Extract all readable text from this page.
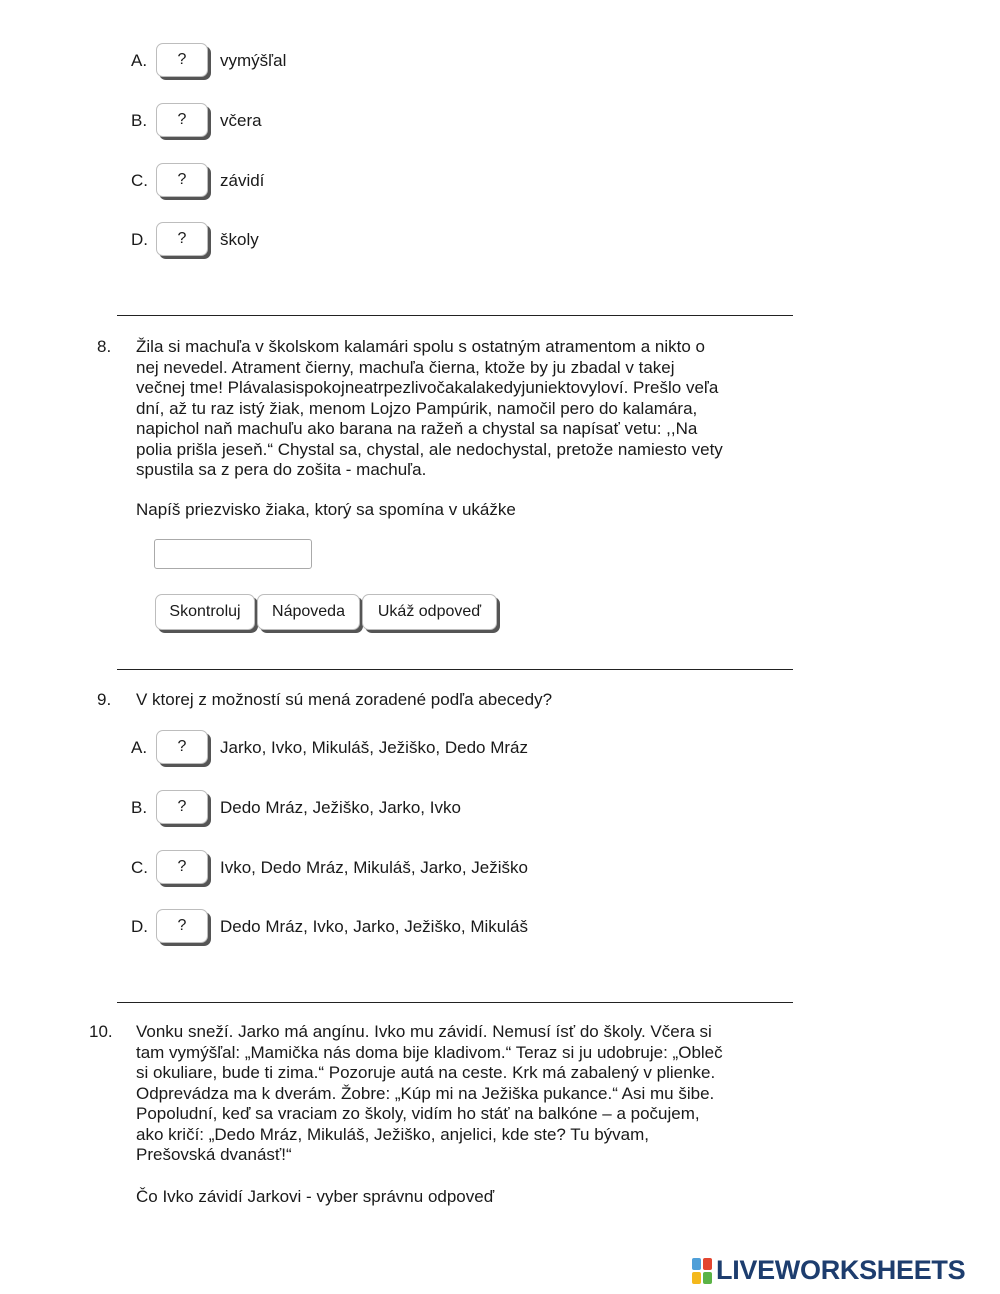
A.	?	vymýšľal
B.	?	včera
C.	?	závidí
D.	?	školy
8. Žila si machuľa v školskom kalamári spolu s ostatným atramentom a nikto o
nej nevedel. Atrament čierny, machuľa čierna, ktože by ju zbadal v takej
večnej tme! Plávalasispokojneatrpezlivočakalakedyjuniektovyloví. Prešlo veľa
dní, až tu raz istý žiak, menom Lojzo Pampúrik, namočil pero do kalamára,
napichol naň machuľu ako barana na ražeň a chystal sa napísať vetu: ,,Na
polia prišla jeseň.“ Chystal sa, chystal, ale nedochystal, pretože namiesto vety
spustila sa z pera do zošita - machuľa.
Napíš priezvisko žiaka, ktorý sa spomína v ukážke
Skontroluj	Nápoveda	Ukáž odpoveď
9. V ktorej z možností sú mená zoradené podľa abecedy?
A.	?	Jarko, Ivko, Mikuláš, Ježiško, Dedo Mráz
B.	?	Dedo Mráz, Ježiško, Jarko, Ivko
C.	?	Ivko, Dedo Mráz, Mikuláš, Jarko, Ježiško
D.	?	Dedo Mráz, Ivko, Jarko, Ježiško, Mikuláš
10. Vonku sneží. Jarko má angínu. Ivko mu závidí. Nemusí ísť do školy. Včera si
tam vymýšľal: „Mamička nás doma bije kladivom.“ Teraz si ju udobruje: „Obleč
si okuliare, bude ti zima.“ Pozoruje autá na ceste. Krk má zabalený v plienke.
Odprevádza ma k dverám. Žobre: „Kúp mi na Ježiška pukance.“ Asi mu šibe.
Popoludní, keď sa vraciam zo školy, vidím ho stáť na balkóne – a počujem,
ako kričí: „Dedo Mráz, Mikuláš, Ježiško, anjelici, kde ste? Tu bývam,
Prešovská dvanásť!“
Čo Ivko závidí Jarkovi - vyber správnu odpoveď
LIVEWORKSHEETS
